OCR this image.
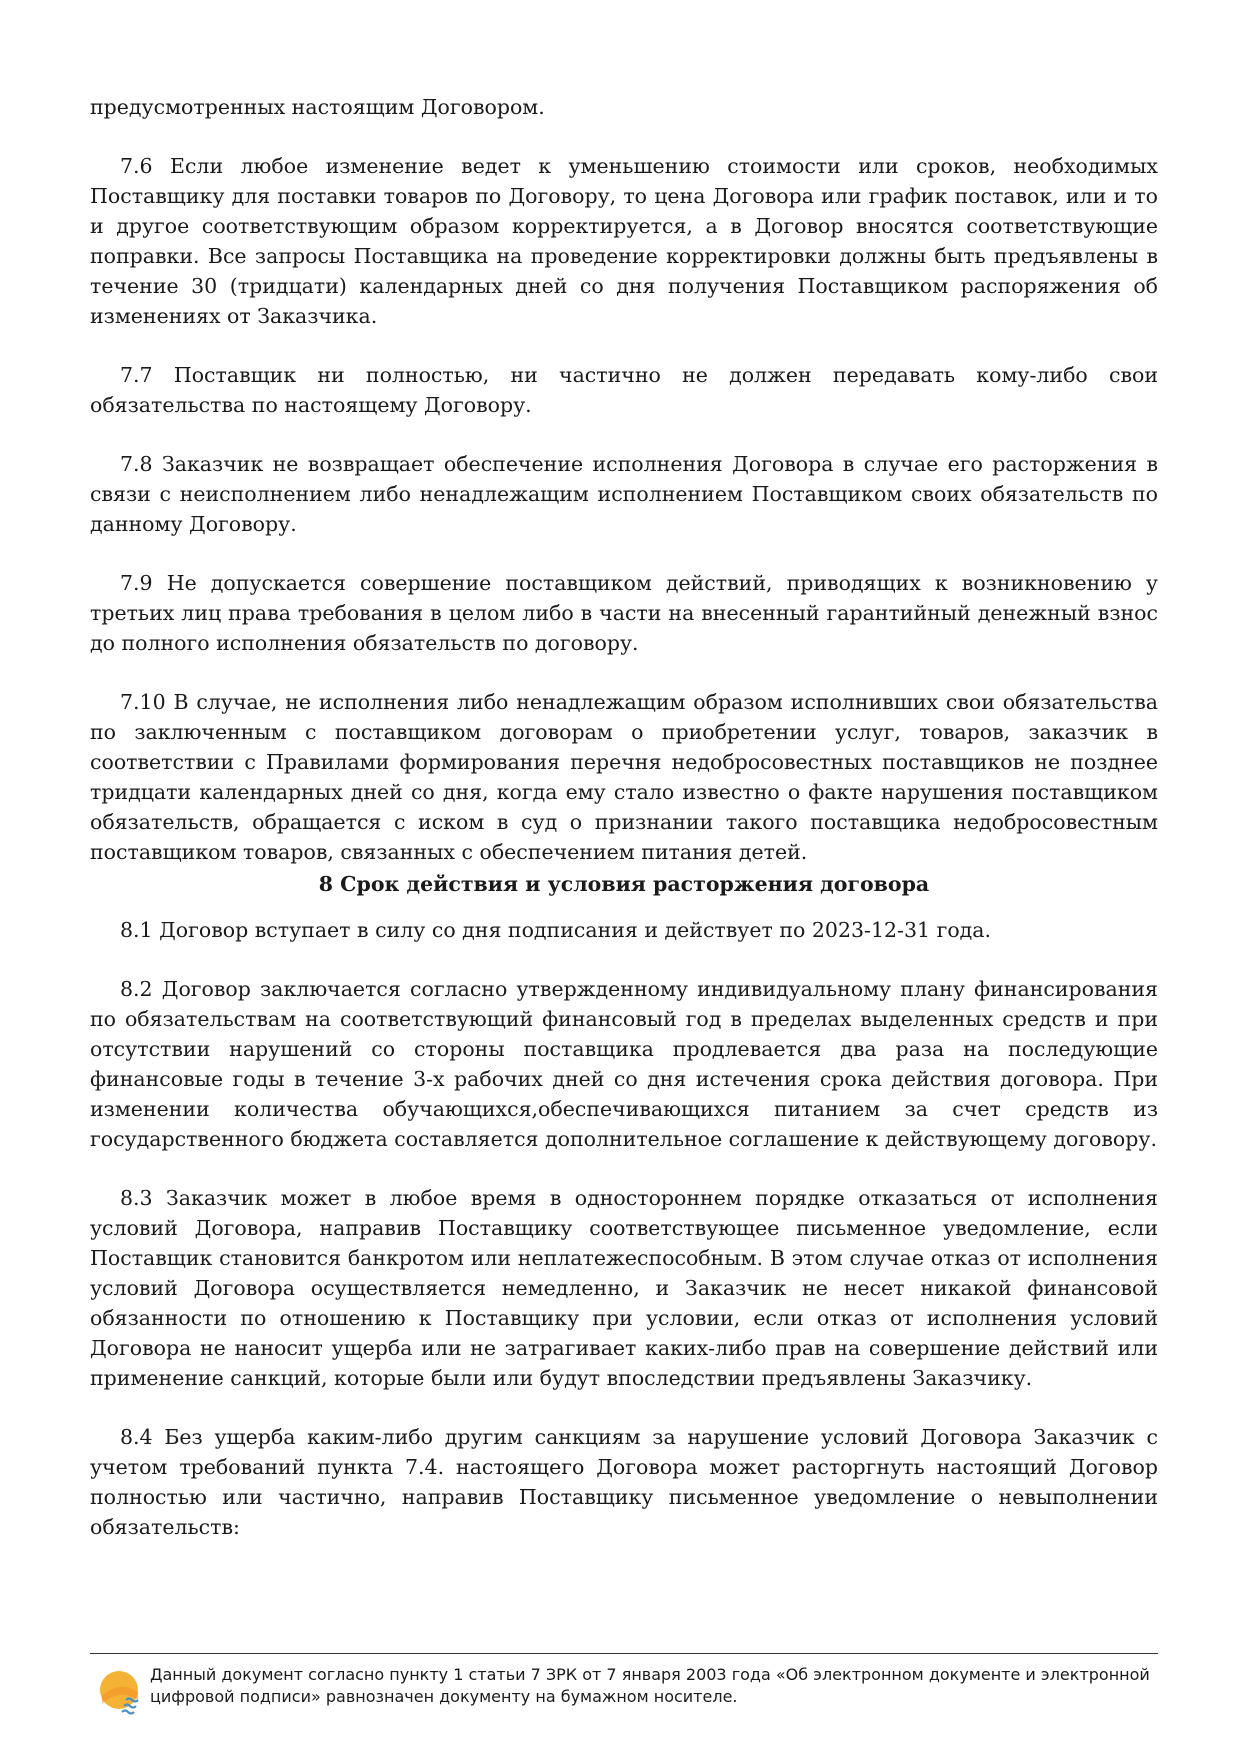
предусмотренных настоящим Договором.

7.6 Если любое изменение ведет к уменьшению стоимости или сроков, необходимых Поставщику для поставки товаров по Договору, то цена Договора или график поставок, или и то и другое соответствующим образом корректируется, а в Договор вносятся соответствующие поправки. Все запросы Поставщика на проведение корректировки должны быть предъявлены в течение 30 (тридцати) календарных дней со дня получения Поставщиком распоряжения об изменениях от Заказчика.

7.7 Поставщик ни полностью, ни частично не должен передавать кому-либо свои обязательства по настоящему Договору.

7.8 Заказчик не возвращает обеспечение исполнения Договора в случае его расторжения в связи с неисполнением либо ненадлежащим исполнением Поставщиком своих обязательств по данному Договору.

7.9 Не допускается совершение поставщиком действий, приводящих к возникновению у третьих лиц права требования в целом либо в части на внесенный гарантийный денежный взнос до полного исполнения обязательств по договору.

7.10 В случае, не исполнения либо ненадлежащим образом исполнивших свои обязательства по заключенным с поставщиком договорам о приобретении услуг, товаров, заказчик в соответствии с Правилами формирования перечня недобросовестных поставщиков не позднее тридцати календарных дней со дня, когда ему стало известно о факте нарушения поставщиком обязательств, обращается с иском в суд о признании такого поставщика недобросовестным поставщиком товаров, связанных с обеспечением питания детей.

8 Срок действия и условия расторжения договора

8.1 Договор вступает в силу со дня подписания и действует по 2023-12-31 года.

8.2 Договор заключается согласно утвержденному индивидуальному плану финансирования по обязательствам на соответствующий финансовый год в пределах выделенных средств и при отсутствии нарушений со стороны поставщика продлевается два раза на последующие финансовые годы в течение 3-х рабочих дней со дня истечения срока действия договора. При изменении количества обучающихся,обеспечивающихся питанием за счет средств из государственного бюджета составляется дополнительное соглашение к действующему договору.

8.3 Заказчик может в любое время в одностороннем порядке отказаться от исполнения условий Договора, направив Поставщику соответствующее письменное уведомление, если Поставщик становится банкротом или неплатежеспособным. В этом случае отказ от исполнения условий Договора осуществляется немедленно, и Заказчик не несет никакой финансовой обязанности по отношению к Поставщику при условии, если отказ от исполнения условий Договора не наносит ущерба или не затрагивает каких-либо прав на совершение действий или применение санкций, которые были или будут впоследствии предъявлены Заказчику.

8.4 Без ущерба каким-либо другим санкциям за нарушение условий Договора Заказчик с учетом требований пункта 7.4. настоящего Договора может расторгнуть настоящий Договор полностью или частично, направив Поставщику письменное уведомление о невыполнении обязательств:

Данный документ согласно пункту 1 статьи 7 ЗРК от 7 января 2003 года «Об электронном документе и электронной цифровой подписи» равнозначен документу на бумажном носителе.
